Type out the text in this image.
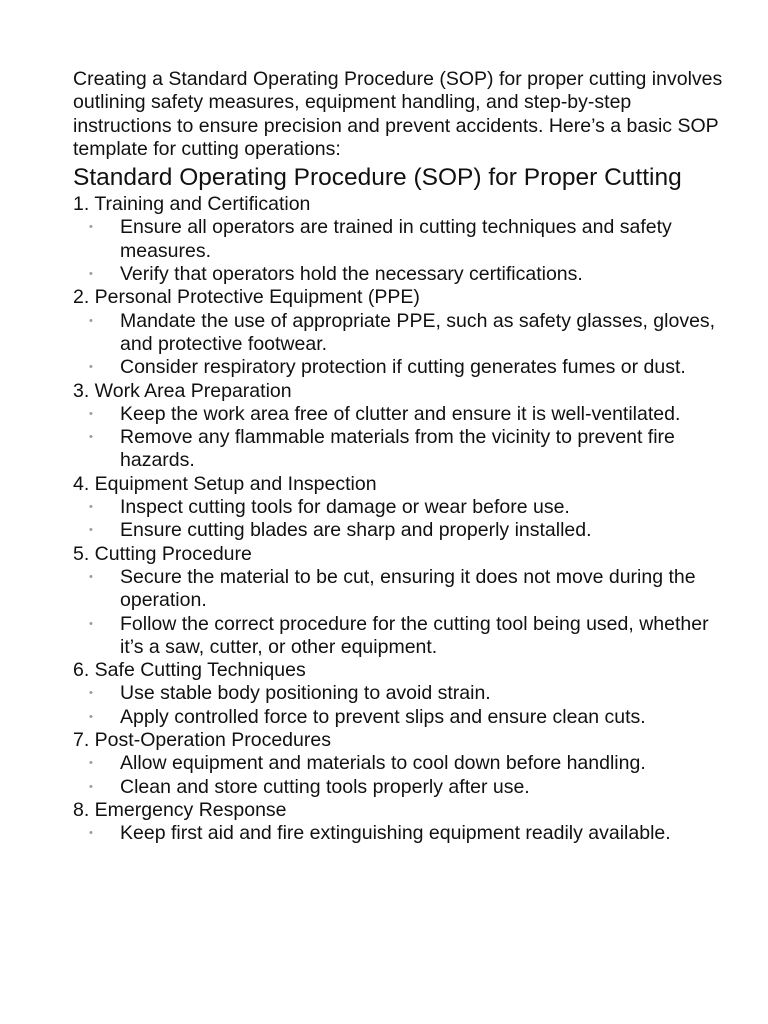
Creating a Standard Operating Procedure (SOP) for proper cutting involves outlining safety measures, equipment handling, and step-by-step instructions to ensure precision and prevent accidents. Here’s a basic SOP template for cutting operations:

Standard Operating Procedure (SOP) for Proper Cutting
1. Training and Certification
• Ensure all operators are trained in cutting techniques and safety measures.
• Verify that operators hold the necessary certifications.
2. Personal Protective Equipment (PPE)
• Mandate the use of appropriate PPE, such as safety glasses, gloves, and protective footwear.
• Consider respiratory protection if cutting generates fumes or dust.
3. Work Area Preparation
• Keep the work area free of clutter and ensure it is well-ventilated.
• Remove any flammable materials from the vicinity to prevent fire hazards.
4. Equipment Setup and Inspection
• Inspect cutting tools for damage or wear before use.
• Ensure cutting blades are sharp and properly installed.
5. Cutting Procedure
• Secure the material to be cut, ensuring it does not move during the operation.
• Follow the correct procedure for the cutting tool being used, whether it’s a saw, cutter, or other equipment.
6. Safe Cutting Techniques
• Use stable body positioning to avoid strain.
• Apply controlled force to prevent slips and ensure clean cuts.
7. Post-Operation Procedures
• Allow equipment and materials to cool down before handling.
• Clean and store cutting tools properly after use.
8. Emergency Response
• Keep first aid and fire extinguishing equipment readily available.
